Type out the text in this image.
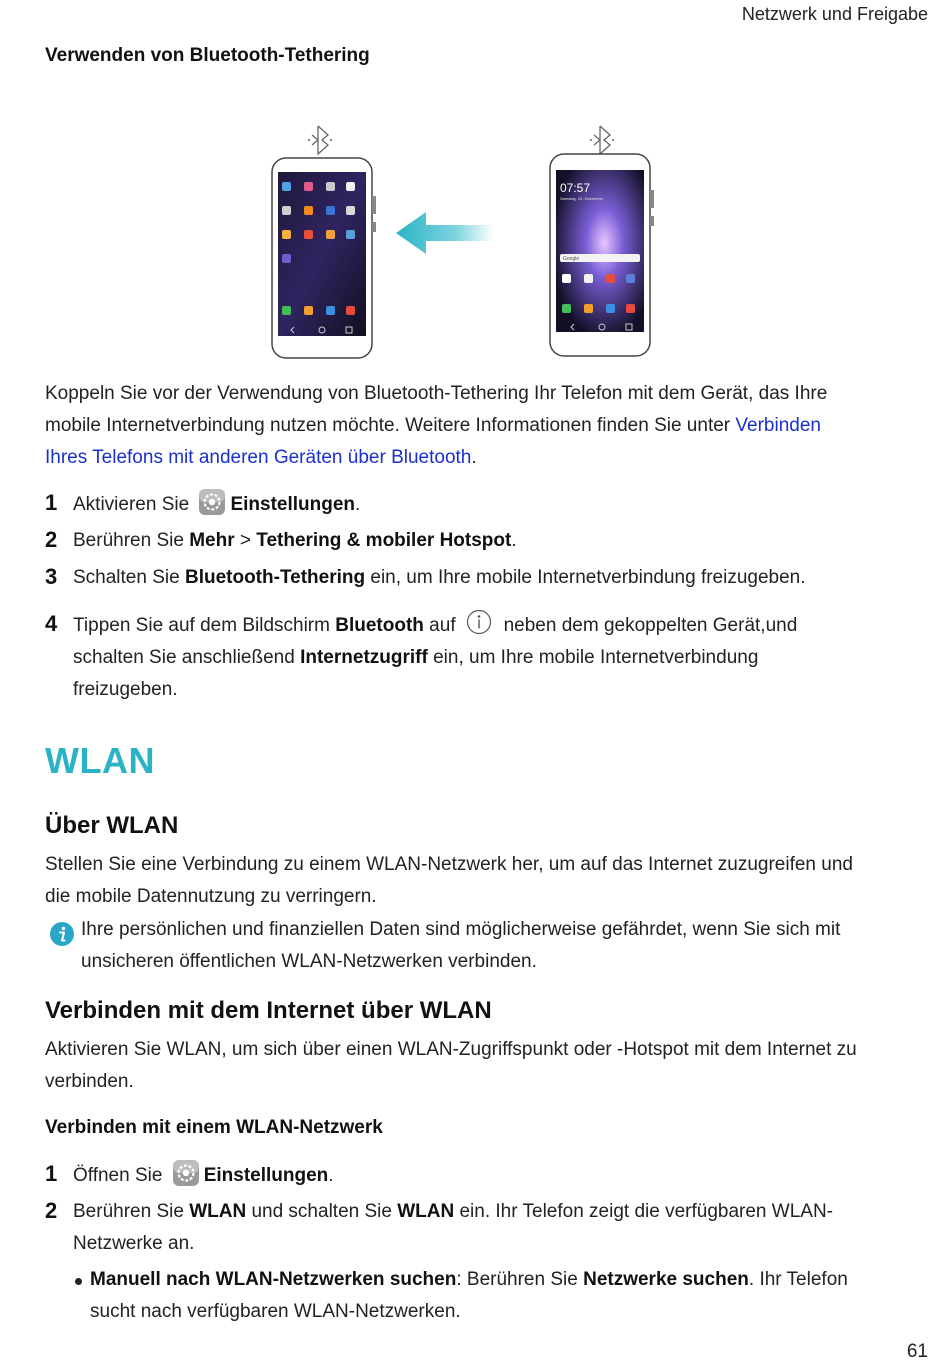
Netzwerk und Freigabe
Verwenden von Bluetooth-Tethering
07:57
Samstag, 24. Dezember
Google
Koppeln Sie vor der Verwendung von Bluetooth-Tethering Ihr Telefon mit dem Gerät, das Ihre
mobile Internetverbindung nutzen möchte. Weitere Informationen finden Sie unter Verbinden
Ihres Telefons mit anderen Geräten über Bluetooth.
1 Aktivieren Sie Einstellungen.
2 Berühren Sie Mehr > Tethering & mobiler Hotspot.
3 Schalten Sie Bluetooth-Tethering ein, um Ihre mobile Internetverbindung freizugeben.
4 Tippen Sie auf dem Bildschirm Bluetooth auf	neben dem gekoppelten Gerät,und
schalten Sie anschließend Internetzugriff ein, um Ihre mobile Internetverbindung
freizugeben.
WLAN
Über WLAN
Stellen Sie eine Verbindung zu einem WLAN-Netzwerk her, um auf das Internet zuzugreifen und
die mobile Datennutzung zu verringern.
Ihre persönlichen und finanziellen Daten sind möglicherweise gefährdet, wenn Sie sich mit
unsicheren öffentlichen WLAN-Netzwerken verbinden.
Verbinden mit dem Internet über WLAN
Aktivieren Sie WLAN, um sich über einen WLAN-Zugriffspunkt oder -Hotspot mit dem Internet zu
verbinden.
Verbinden mit einem WLAN-Netzwerk
1 Öffnen Sie Einstellungen.
2 Berühren Sie WLAN und schalten Sie WLAN ein. Ihr Telefon zeigt die verfügbaren WLAN-
Netzwerke an.
Manuell nach WLAN-Netzwerken suchen: Berühren Sie Netzwerke suchen. Ihr Telefon
sucht nach verfügbaren WLAN-Netzwerken.
61
